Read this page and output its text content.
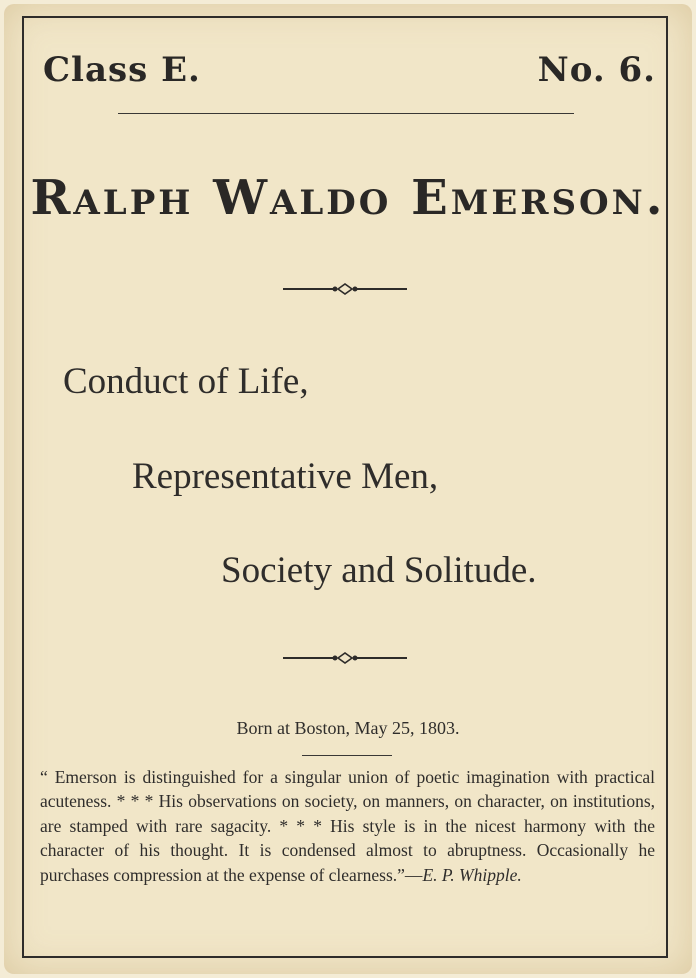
Class E.	No. 6.
Ralph Waldo Emerson.
Conduct of Life,
Representative Men,
Society and Solitude.
Born at Boston, May 25, 1803.

“ Emerson is distinguished for a singular union of poetic imagination with practical acuteness. * * * His observations on society, on manners, on character, on institutions, are stamped with rare sagacity. * * * His style is in the nicest harmony with the character of his thought. It is condensed almost to abruptness. Occasionally he purchases compression at the expense of clearness.”—E. P. Whipple.
